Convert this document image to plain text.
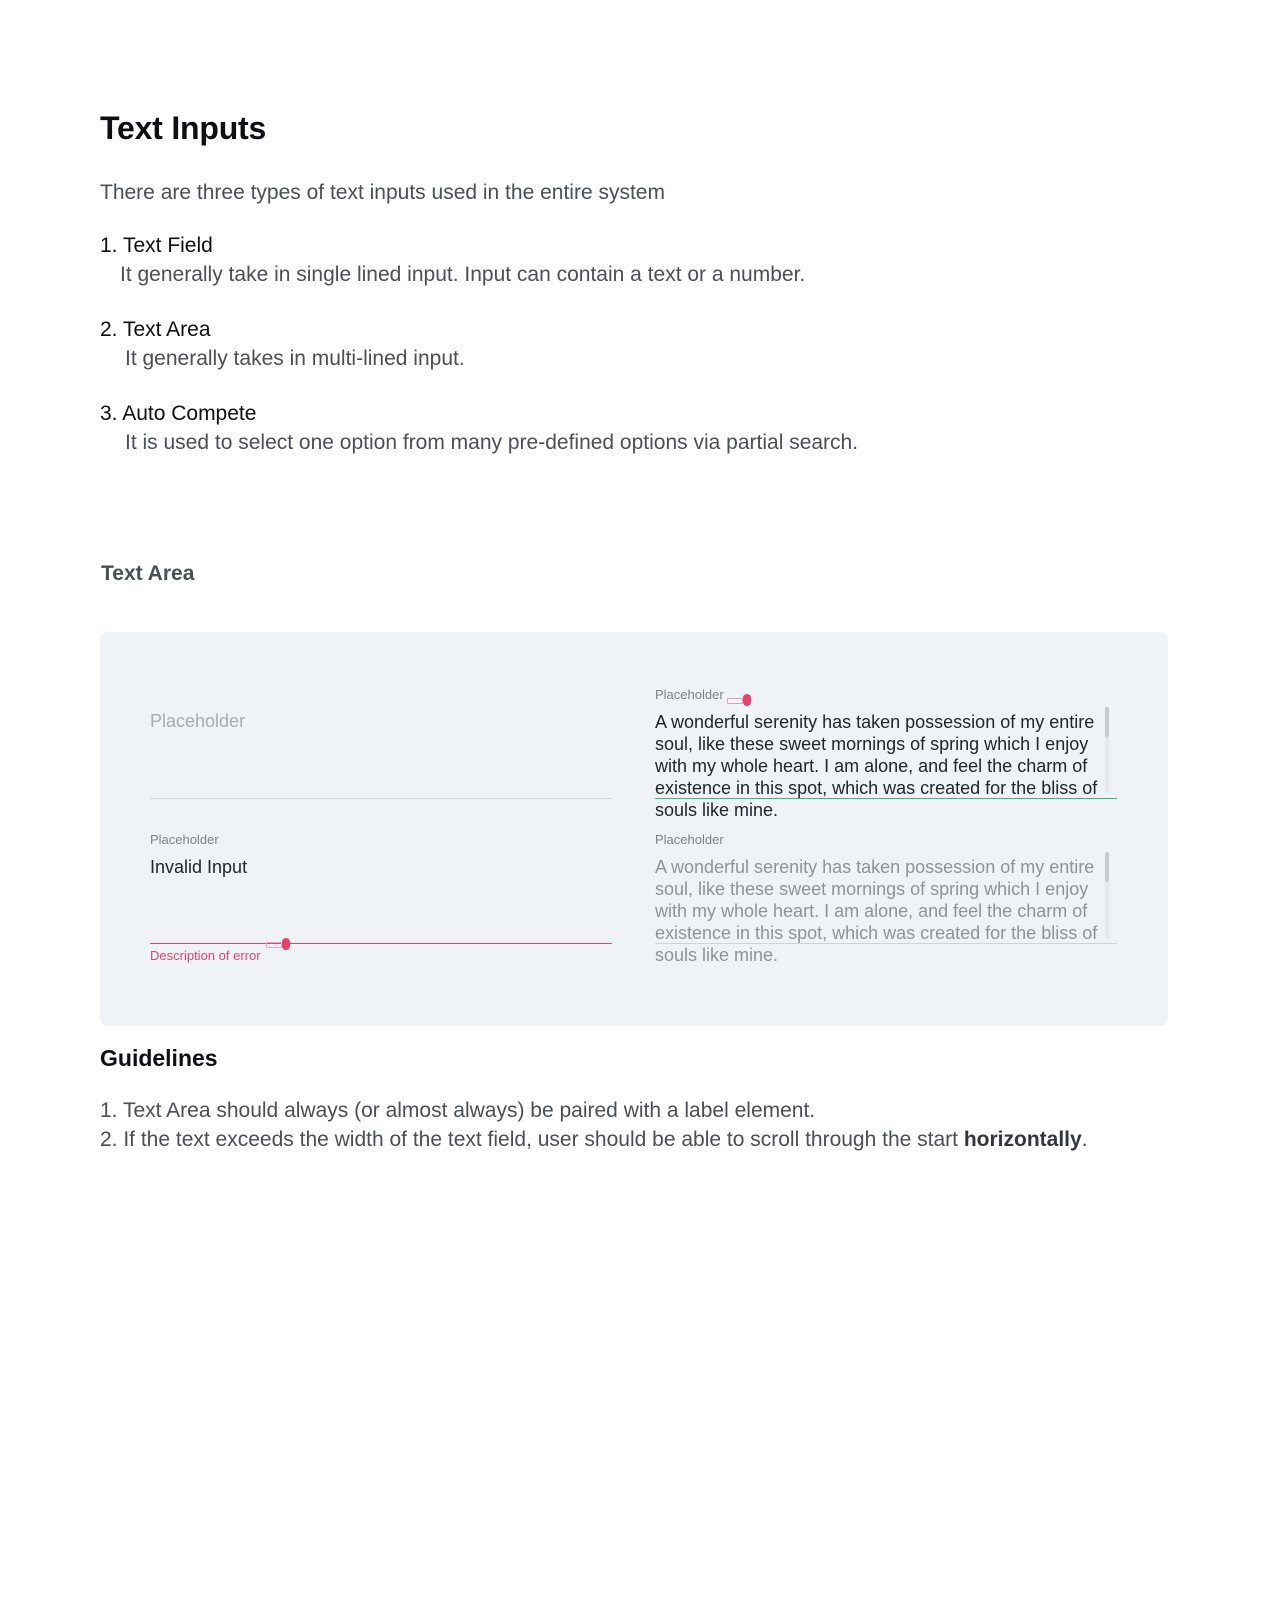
Text Inputs

There are three types of text inputs used in the entire system

1. Text Field

It generally take in single lined input. Input can contain a text or a number.

2. Text Area

It generally takes in multi-lined input.

3. Auto Compete

It is used to select one option from many pre-defined options via partial search.

Text Area
Placeholder
Placeholder
A wonderful serenity has taken possession of my entire soul, like these sweet mornings of spring which I enjoy with my whole heart. I am alone, and feel the charm of existence in this spot, which was created for the bliss of souls like mine.
Placeholder
Invalid Input
Description of error
Placeholder
A wonderful serenity has taken possession of my entire soul, like these sweet mornings of spring which I enjoy with my whole heart. I am alone, and feel the charm of existence in this spot, which was created for the bliss of souls like mine.
Guidelines
1. Text Area should always (or almost always) be paired with a label element.
2. If the text exceeds the width of the text field, user should be able to scroll through the start horizontally.
